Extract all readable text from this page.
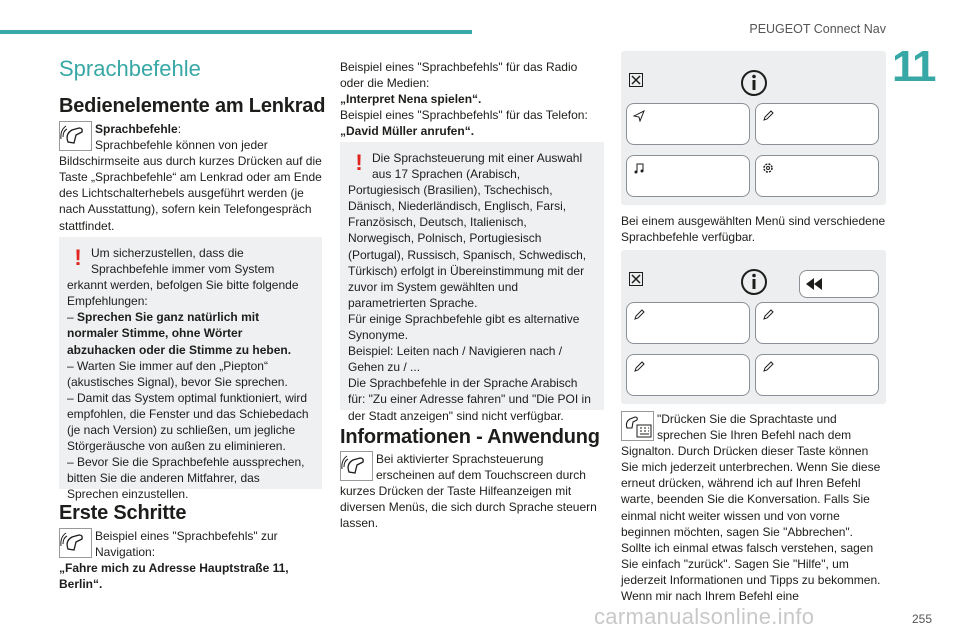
PEUGEOT Connect Nav
11
Sprachbefehle
Bedienelemente am Lenkrad
Sprachbefehle:
Sprachbefehle können von jeder Bildschirmseite aus durch kurzes Drücken auf die Taste „Sprachbefehle“ am Lenkrad oder am Ende des Lichtschalterhebels ausgeführt werden (je nach Ausstattung), sofern kein Telefongespräch stattfindet.
! Um sicherzustellen, dass die Sprachbefehle immer vom System erkannt werden, befolgen Sie bitte folgende Empfehlungen:
– Sprechen Sie ganz natürlich mit normaler Stimme, ohne Wörter abzuhacken oder die Stimme zu heben.
– Warten Sie immer auf den „Piepton“ (akustisches Signal), bevor Sie sprechen.
– Damit das System optimal funktioniert, wird empfohlen, die Fenster und das Schiebedach (je nach Version) zu schließen, um jegliche Störgeräusche von außen zu eliminieren.
– Bevor Sie die Sprachbefehle aussprechen, bitten Sie die anderen Mitfahrer, das Sprechen einzustellen.
Erste Schritte
Beispiel eines "Sprachbefehls" zur Navigation:
„Fahre mich zu Adresse Hauptstraße 11, Berlin“.
Beispiel eines "Sprachbefehls" für das Radio oder die Medien:
„Interpret Nena spielen“.
Beispiel eines "Sprachbefehls" für das Telefon:
„David Müller anrufen“.
! Die Sprachsteuerung mit einer Auswahl aus 17 Sprachen (Arabisch, Portugiesisch (Brasilien), Tschechisch, Dänisch, Niederländisch, Englisch, Farsi, Französisch, Deutsch, Italienisch, Norwegisch, Polnisch, Portugiesisch (Portugal), Russisch, Spanisch, Schwedisch, Türkisch) erfolgt in Übereinstimmung mit der zuvor im System gewählten und parametrierten Sprache.
Für einige Sprachbefehle gibt es alternative Synonyme.
Beispiel: Leiten nach / Navigieren nach / Gehen zu / ...
Die Sprachbefehle in der Sprache Arabisch für: "Zu einer Adresse fahren" und "Die POI in der Stadt anzeigen" sind nicht verfügbar.
Informationen - Anwendung
Bei aktivierter Sprachsteuerung erscheinen auf dem Touchscreen durch kurzes Drücken der Taste Hilfeanzeigen mit diversen Menüs, die sich durch Sprache steuern lassen.
Bei einem ausgewählten Menü sind verschiedene Sprachbefehle verfügbar.
"Drücken Sie die Sprachtaste und sprechen Sie Ihren Befehl nach dem Signalton. Durch Drücken dieser Taste können Sie mich jederzeit unterbrechen. Wenn Sie diese erneut drücken, während ich auf Ihren Befehl warte, beenden Sie die Konversation. Falls Sie einmal nicht weiter wissen und von vorne beginnen möchten, sagen Sie "Abbrechen". Sollte ich einmal etwas falsch verstehen, sagen Sie einfach "zurück". Sagen Sie "Hilfe", um jederzeit Informationen und Tipps zu bekommen. Wenn mir nach Ihrem Befehl eine
carmanualsonline.info	255
